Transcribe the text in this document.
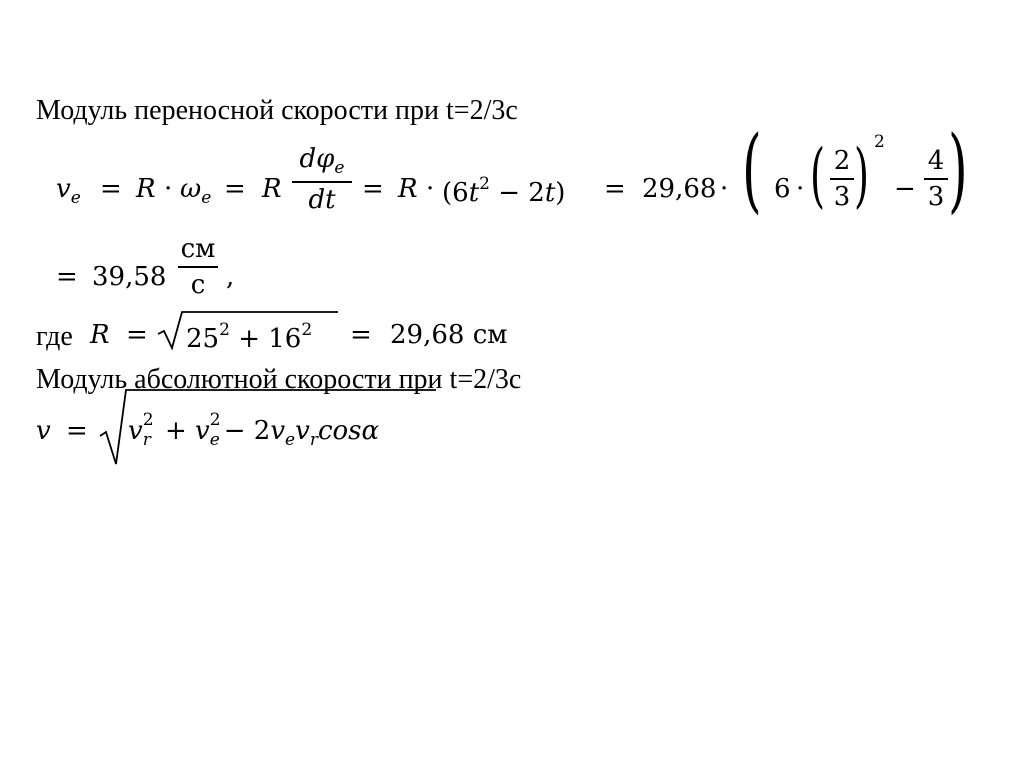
Модуль переносной скорости при t=2/3c
$v_e = R \cdot \omega_e = R$
$d\varphi_e$
dt	= $R \cdot (6t^2 - 2t) = 29,68$ · ( 6 · ( 2
3 ) 2
−
4
3 )
= 39,58
см
с ,
где $R = 25^2 + 16^2 = 29,68$ см
Модуль абсолютной скорости при t=2/3c
v = v 2
r + v 2
$e - 2v_ev_r\cos\alpha$
